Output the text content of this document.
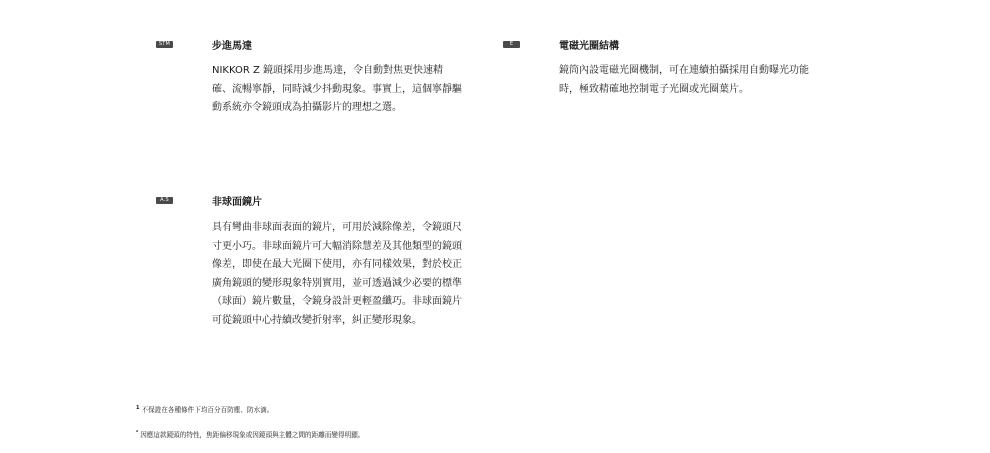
STM	步進馬達

NIKKOR Z 鏡頭採用步進馬達，令自動對焦更快速精確、流暢寧靜，同時減少抖動現象。事實上，這個寧靜驅動系統亦令鏡頭成為拍攝影片的理想之選。

E	電磁光圈結構

鏡筒內設電磁光圈機制，可在連續拍攝採用自動曝光功能時，極致精確地控制電子光圈或光圈葉片。

A.S	非球面鏡片

具有彎曲非球面表面的鏡片，可用於減除像差，令鏡頭尺寸更小巧。非球面鏡片可大幅消除慧差及其他類型的鏡頭像差，即使在最大光圈下使用，亦有同樣效果，對於校正廣角鏡頭的變形現象特別實用，並可透過減少必要的標準（球面）鏡片數量，令鏡身設計更輕盈纖巧。非球面鏡片可從鏡頭中心持續改變折射率，糾正變形現象。

$^1$ 不保證在各種條件下均百分百防塵、防水滴。
$^{^2}$ 因應這款鏡頭的特性，焦距偏移現象或因鏡頭與主體之間的距離而變得明顯。
